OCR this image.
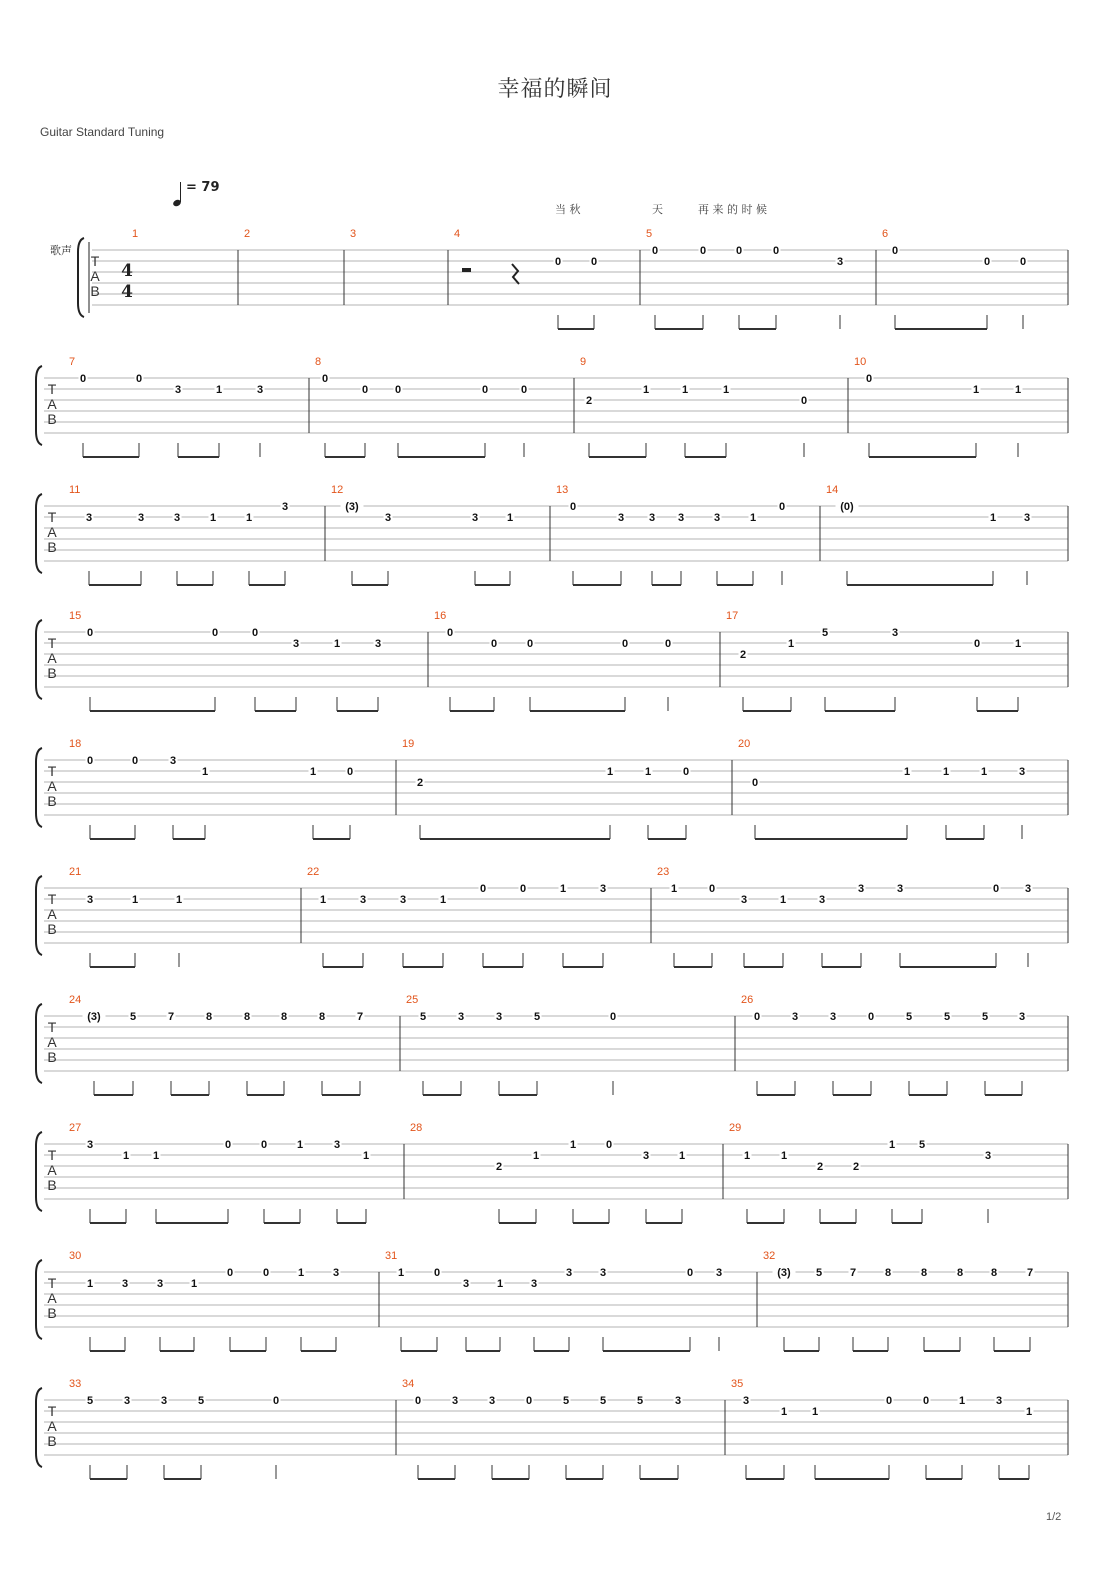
幸福的瞬间
Guitar Standard Tuning
= 79
当 秋	天	再 来 的 时 候
歌声
T
A
B
4
4
1	2	3	4
0	0
5
0	0	0	0
3
6
0
0	0
T
A
B
7
0	0
3	1	3
8
0
0 0	0	0
9
2
1	1	1
0
10
0
1	1
T
A
B
11
3	3	3	1	1
3
12
(3)
3	3	1
13
0
3 3 3	3	1
0
14
(0)
1	3
T
A
B
15
0	0	0
3	1	3
16
0
0	0	0	0
17
2
1
5	3
0	1
T
A
B
18
0	0	3
1	1	0
19
2
1	1	0
20
0
1	1	1	3
T
A
B
21
3	1	1
22
1	3	3	1
0	0	1	3
23
1	0
3	1	3
3	3	0 3
T
A
B
24
(3)	5	7	8	8	8	8	7
25
5	3	3	5	0
26
0	3	3	0	5	5	5	3
T
A
B
27
3
1 1
0	0	1	3
1
28
2
1
1	0
3	1
29
1	1
2	2
1 5
3
T
A
B
30
1	3	3	1
0	0	1	3
31
1	0
3	1	3
3	3	0 3
32
(3) 5	7	8	8	8	8	7
T
A
B
33
5	3	3	5	0
34
0	3	3	0	5	5	5	3
35
3
1 1
0	0	1	3
1
1/2
